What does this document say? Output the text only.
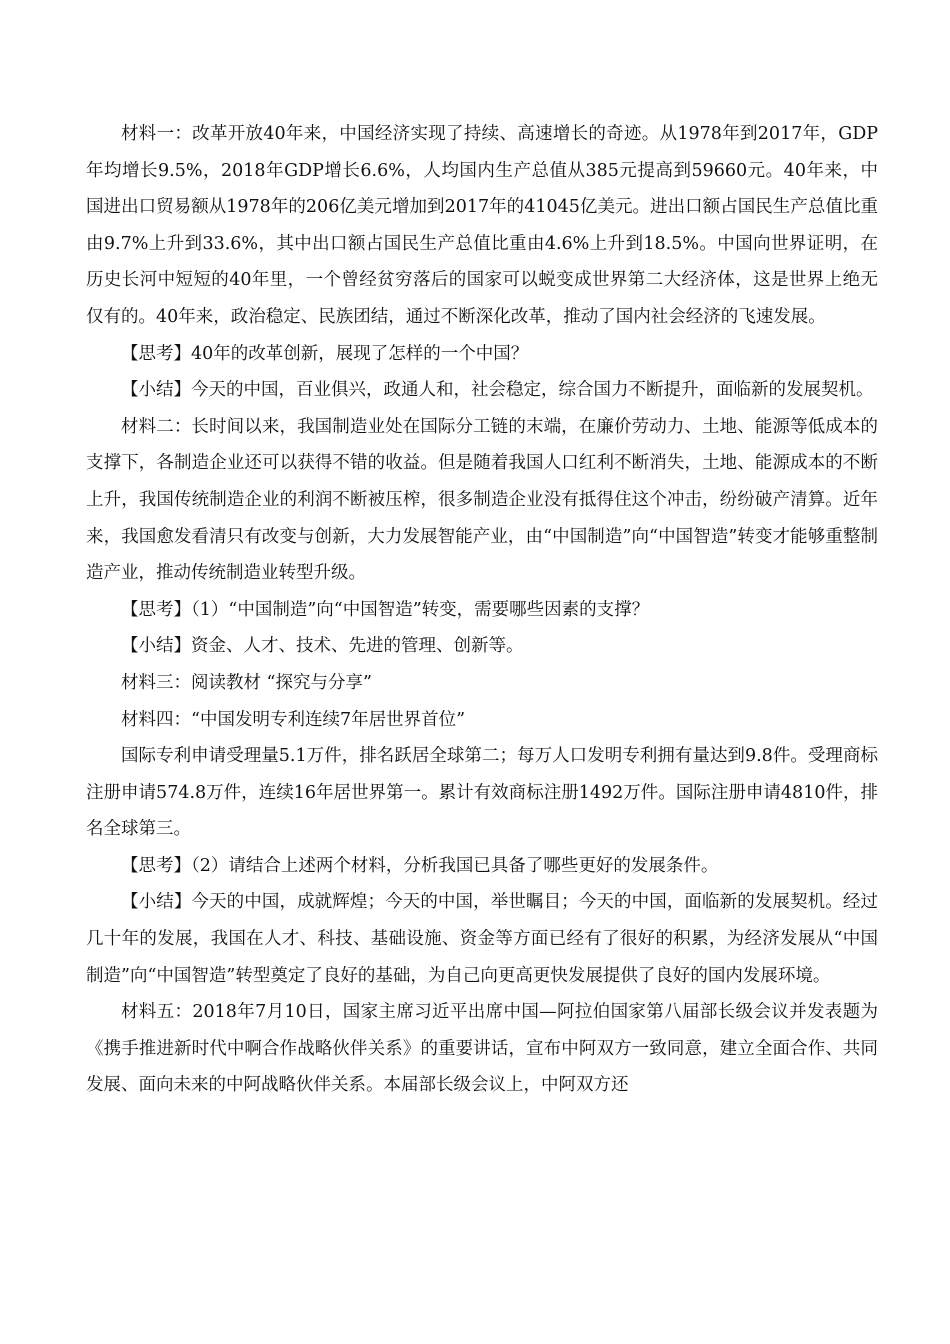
材料一：改革开放40年来，中国经济实现了持续、高速增长的奇迹。从1978年到2017年，GDP年均增长9.5%，2018年GDP增长6.6%，人均国内生产总值从385元提高到59660元。40年来，中国进出口贸易额从1978年的206亿美元增加到2017年的41045亿美元。进出口额占国民生产总值比重由9.7%上升到33.6%，其中出口额占国民生产总值比重由4.6%上升到18.5%。中国向世界证明，在历史长河中短短的40年里，一个曾经贫穷落后的国家可以蜕变成世界第二大经济体，这是世界上绝无仅有的。40年来，政治稳定、民族团结，通过不断深化改革，推动了国内社会经济的飞速发展。

【思考】40年的改革创新，展现了怎样的一个中国？

【小结】今天的中国，百业俱兴，政通人和，社会稳定，综合国力不断提升，面临新的发展契机。

材料二：长时间以来，我国制造业处在国际分工链的末端，在廉价劳动力、土地、能源等低成本的支撑下，各制造企业还可以获得不错的收益。但是随着我国人口红利不断消失，土地、能源成本的不断上升，我国传统制造企业的利润不断被压榨，很多制造企业没有抵得住这个冲击，纷纷破产清算。近年来，我国愈发看清只有改变与创新，大力发展智能产业，由“中国制造”向“中国智造”转变才能够重整制造产业，推动传统制造业转型升级。

【思考】（1）“中国制造”向“中国智造”转变，需要哪些因素的支撑？

【小结】资金、人才、技术、先进的管理、创新等。

材料三：阅读教材 “探究与分享”

材料四：“中国发明专利连续7年居世界首位”

国际专利申请受理量5.1万件，排名跃居全球第二；每万人口发明专利拥有量达到9.8件。受理商标注册申请574.8万件，连续16年居世界第一。累计有效商标注册1492万件。国际注册申请4810件，排名全球第三。

【思考】（2）请结合上述两个材料，分析我国已具备了哪些更好的发展条件。

【小结】今天的中国，成就辉煌；今天的中国，举世瞩目；今天的中国，面临新的发展契机。经过几十年的发展，我国在人才、科技、基础设施、资金等方面已经有了很好的积累，为经济发展从“中国制造”向“中国智造”转型奠定了良好的基础，为自己向更高更快发展提供了良好的国内发展环境。

材料五：2018年7月10日，国家主席习近平出席中国—阿拉伯国家第八届部长级会议并发表题为《携手推进新时代中啊合作战略伙伴关系》的重要讲话，宣布中阿双方一致同意，建立全面合作、共同发展、面向未来的中阿战略伙伴关系。本届部长级会议上，中阿双方还
